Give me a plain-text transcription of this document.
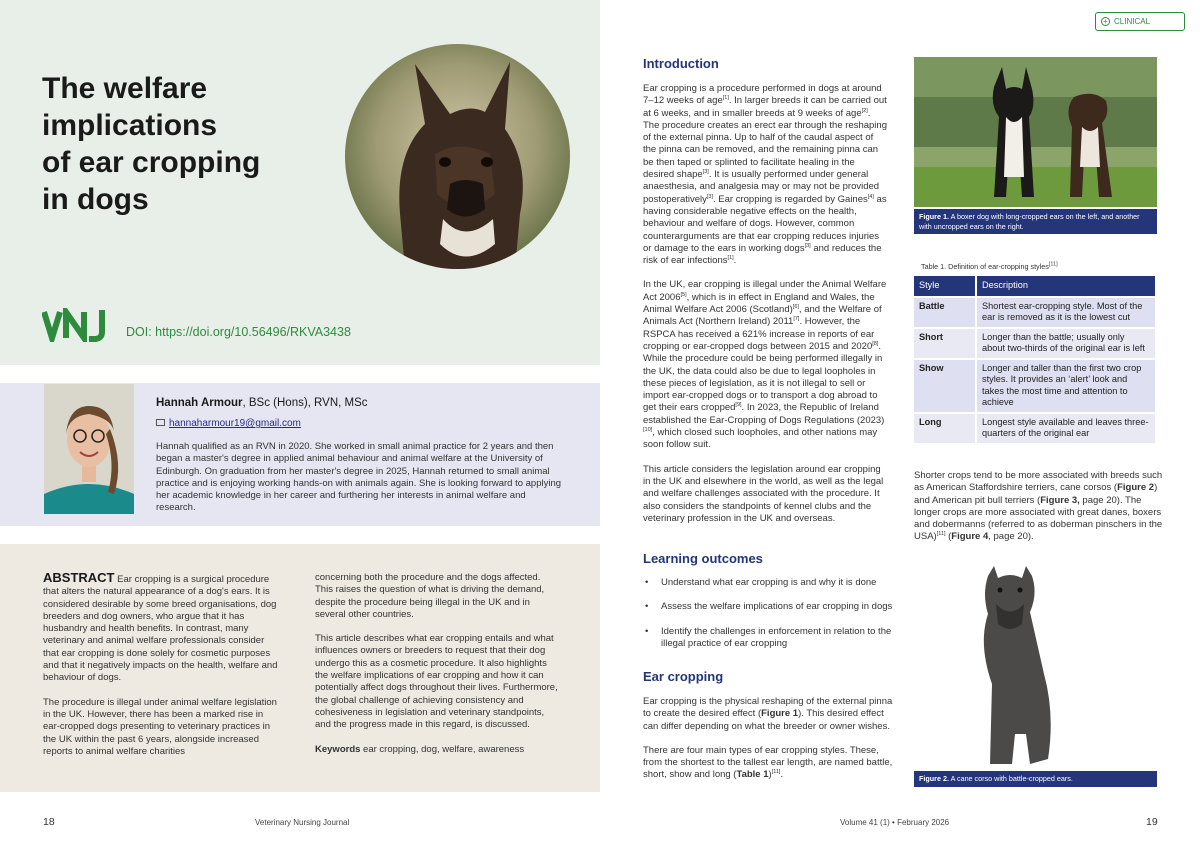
The welfare
implications
of ear cropping
in dogs
DOI: https://doi.org/10.56496/RKVA3438
Hannah Armour, BSc (Hons), RVN, MSc
hannaharmour19@gmail.com
Hannah qualified as an RVN in 2020. She worked in small animal practice for 2 years and then began a master's degree in applied animal behaviour and animal welfare at the University of Edinburgh. On graduation from her master's degree in 2025, Hannah returned to small animal practice and is enjoying working hands-on with animals again. She is looking forward to applying her academic knowledge in her career and furthering her interests in animal welfare and research.

ABSTRACT Ear cropping is a surgical procedure that alters the natural appearance of a dog's ears. It is considered desirable by some breed organisations, dog breeders and dog owners, who argue that it has husbandry and health benefits. In contrast, many veterinary and animal welfare professionals consider that ear cropping is done solely for cosmetic purposes and that it negatively impacts on the health, welfare and behaviour of dogs.

The procedure is illegal under animal welfare legislation in the UK. However, there has been a marked rise in ear-cropped dogs presenting to veterinary practices in the UK within the past 6 years, alongside increased reports to animal welfare charities

concerning both the procedure and the dogs affected. This raises the question of what is driving the demand, despite the procedure being illegal in the UK and in several other countries.

This article describes what ear cropping entails and what influences owners or breeders to request that their dog undergo this as a cosmetic procedure. It also highlights the welfare implications of ear cropping and how it can potentially affect dogs throughout their lives. Furthermore, the global challenge of achieving consistency and cohesiveness in legislation and veterinary standpoints, and the progress made in this regard, is discussed.

Keywords ear cropping, dog, welfare, awareness

18	Veterinary Nursing Journal
+ CLINICAL
Introduction

Ear cropping is a procedure performed in dogs at around 7–12 weeks of age[1]. In larger breeds it can be carried out at 6 weeks, and in smaller breeds at 9 weeks of age[2]. The procedure creates an erect ear through the reshaping of the external pinna. Up to half of the caudal aspect of the pinna can be removed, and the remaining pinna can be then taped or splinted to facilitate healing in the desired shape[3]. It is usually performed under general anaesthesia, and analgesia may or may not be provided postoperatively[3]. Ear cropping is regarded by Gaines[4] as having considerable negative effects on the health, behaviour and welfare of dogs. However, common counterarguments are that ear cropping reduces injuries or damage to the ears in working dogs[3] and reduces the risk of ear infections[1].

In the UK, ear cropping is illegal under the Animal Welfare Act 2006[5], which is in effect in England and Wales, the Animal Welfare Act 2006 (Scotland)[6], and the Welfare of Animals Act (Northern Ireland) 2011[7]. However, the RSPCA has received a 621% increase in reports of ear cropping or ear-cropped dogs between 2015 and 2020[8]. While the procedure could be being performed illegally in the UK, the data could also be due to legal loopholes in these pieces of legislation, as it is not illegal to sell or import ear-cropped dogs or to transport a dog abroad to get their ears cropped[9]. In 2023, the Republic of Ireland established the Ear-Cropping of Dogs Regulations (2023)[10], which closed such loopholes, and other nations may soon follow suit.

This article considers the legislation around ear cropping in the UK and elsewhere in the world, as well as the legal and welfare challenges associated with the procedure. It also considers the standpoints of kennel clubs and the veterinary profession in the UK and overseas.

Learning outcomes
• Understand what ear cropping is and why it is done
• Assess the welfare implications of ear cropping in dogs
• Identify the challenges in enforcement in relation to the illegal practice of ear cropping
Ear cropping

Ear cropping is the physical reshaping of the external pinna to create the desired effect (Figure 1). This desired effect can differ depending on what the breeder or owner wishes.

There are four main types of ear cropping styles. These, from the shortest to the tallest ear length, are named battle, short, show and long (Table 1)[11].

Figure 1. A boxer dog with long-cropped ears on the left, and another with uncropped ears on the right.
Table 1. Definition of ear-cropping styles[11]
Style	Description
Battle	Shortest ear-cropping style. Most of the ear is removed as it is the lowest cut
Short	Longer than the battle; usually only about two-thirds of the original ear is left
Show	Longer and taller than the first two crop styles. It provides an ‘alert’ look and takes the most time and attention to achieve
Long	Longest style available and leaves three-quarters of the original ear

Shorter crops tend to be more associated with breeds such as American Staffordshire terriers, cane corsos (Figure 2) and American pit bull terriers (Figure 3, page 20). The longer crops are more associated with great danes, boxers and dobermanns (referred to as doberman pinschers in the USA)[11] (Figure 4, page 20).

Figure 2. A cane corso with battle-cropped ears.
Volume 41 (1) • February 2026	19
